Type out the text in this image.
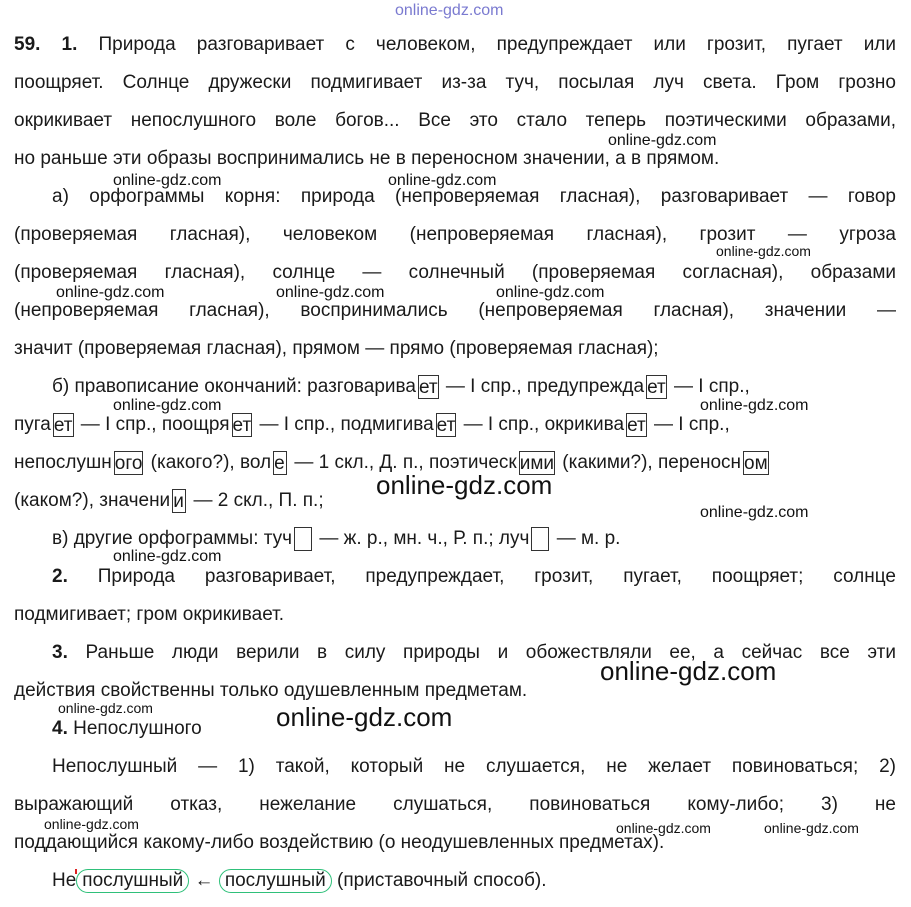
online-gdz.com
online-gdz.com
online-gdz.com	online-gdz.com
online-gdz.com
online-gdz.com	online-gdz.com	online-gdz.com
online-gdz.com	online-gdz.com
online-gdz.com
online-gdz.com
online-gdz.com
online-gdz.com
online-gdz.com
online-gdz.com
online-gdz.com	online-gdz.com	online-gdz.com
59. 1. Природа разговаривает с человеком, предупреждает или грозит, пугает или
поощряет. Солнце дружески подмигивает из-за туч, посылая луч света. Гром грозно
окрикивает непослушного воле богов... Все это стало теперь поэтическими образами,
но раньше эти образы воспринимались не в переносном значении, а в прямом.
а) орфограммы корня: природа (непроверяемая гласная), разговаривает — говор
(проверяемая гласная), человеком (непроверяемая гласная), грозит — угроза
(проверяемая гласная), солнце — солнечный (проверяемая согласная), образами
(непроверяемая гласная), воспринимались (непроверяемая гласная), значении —
значит (проверяемая гласная), прямом — прямо (проверяемая гласная);
б) правописание окончаний: разговарива ет — I спр., предупрежда ет — I спр.,
пуга ет — I спр., поощря ет — I спр., подмигива ет — I спр., окрикива ет — I спр.,
непослушн ого (какого?), вол е — 1 скл., Д. п., поэтическ ими (какими?), переносн ом
(каком?), значени и — 2 скл., П. п.;
в) другие орфограммы: туч — ж. р., мн. ч., Р. п.; луч — м. р.
2. Природа разговаривает, предупреждает, грозит, пугает, поощряет; солнце
подмигивает; гром окрикивает.
3. Раньше люди верили в силу природы и обожествляли ее, а сейчас все эти
действия свойственны только одушевленным предметам.
4. Непослушного
Непослушный — 1) такой, который не слушается, не желает повиноваться; 2)
выражающий отказ, нежелание слушаться, повиноваться кому-либо; 3) не
поддающийся какому-либо воздействию (о неодушевленных предметах).
Не послушный ← послушный (приставочный способ).
